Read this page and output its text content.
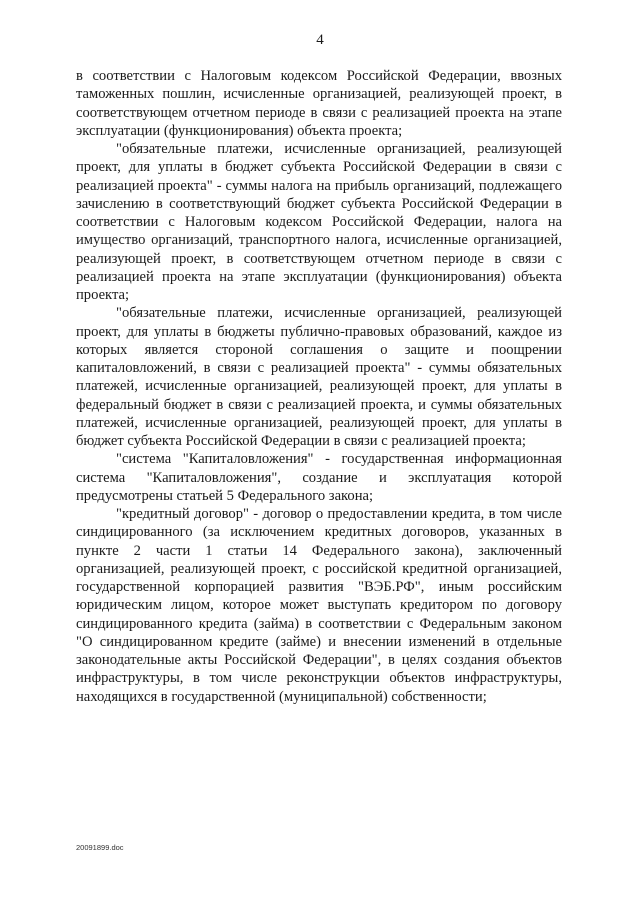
4

в соответствии с Налоговым кодексом Российской Федерации, ввозных таможенных пошлин, исчисленные организацией, реализующей проект, в соответствующем отчетном периоде в связи с реализацией проекта на этапе эксплуатации (функционирования) объекта проекта;

"обязательные платежи, исчисленные организацией, реализующей проект, для уплаты в бюджет субъекта Российской Федерации в связи с реализацией проекта" - суммы налога на прибыль организаций, подлежащего зачислению в соответствующий бюджет субъекта Российской Федерации в соответствии с Налоговым кодексом Российской Федерации, налога на имущество организаций, транспортного налога, исчисленные организацией, реализующей проект, в соответствующем отчетном периоде в связи с реализацией проекта на этапе эксплуатации (функционирования) объекта проекта;

"обязательные платежи, исчисленные организацией, реализующей проект, для уплаты в бюджеты публично-правовых образований, каждое из которых является стороной соглашения о защите и поощрении капиталовложений, в связи с реализацией проекта" - суммы обязательных платежей, исчисленные организацией, реализующей проект, для уплаты в федеральный бюджет в связи с реализацией проекта, и суммы обязательных платежей, исчисленные организацией, реализующей проект, для уплаты в бюджет субъекта Российской Федерации в связи с реализацией проекта;

"система "Капиталовложения" - государственная информационная система "Капиталовложения", создание и эксплуатация которой предусмотрены статьей 5 Федерального закона;

"кредитный договор" - договор о предоставлении кредита, в том числе синдицированного (за исключением кредитных договоров, указанных в пункте 2 части 1 статьи 14 Федерального закона), заключенный организацией, реализующей проект, с российской кредитной организацией, государственной корпорацией развития "ВЭБ.РФ", иным российским юридическим лицом, которое может выступать кредитором по договору синдицированного кредита (займа) в соответствии с Федеральным законом "О синдицированном кредите (займе) и внесении изменений в отдельные законодательные акты Российской Федерации", в целях создания объектов инфраструктуры, в том числе реконструкции объектов инфраструктуры, находящихся в государственной (муниципальной) собственности;

20091899.doc
